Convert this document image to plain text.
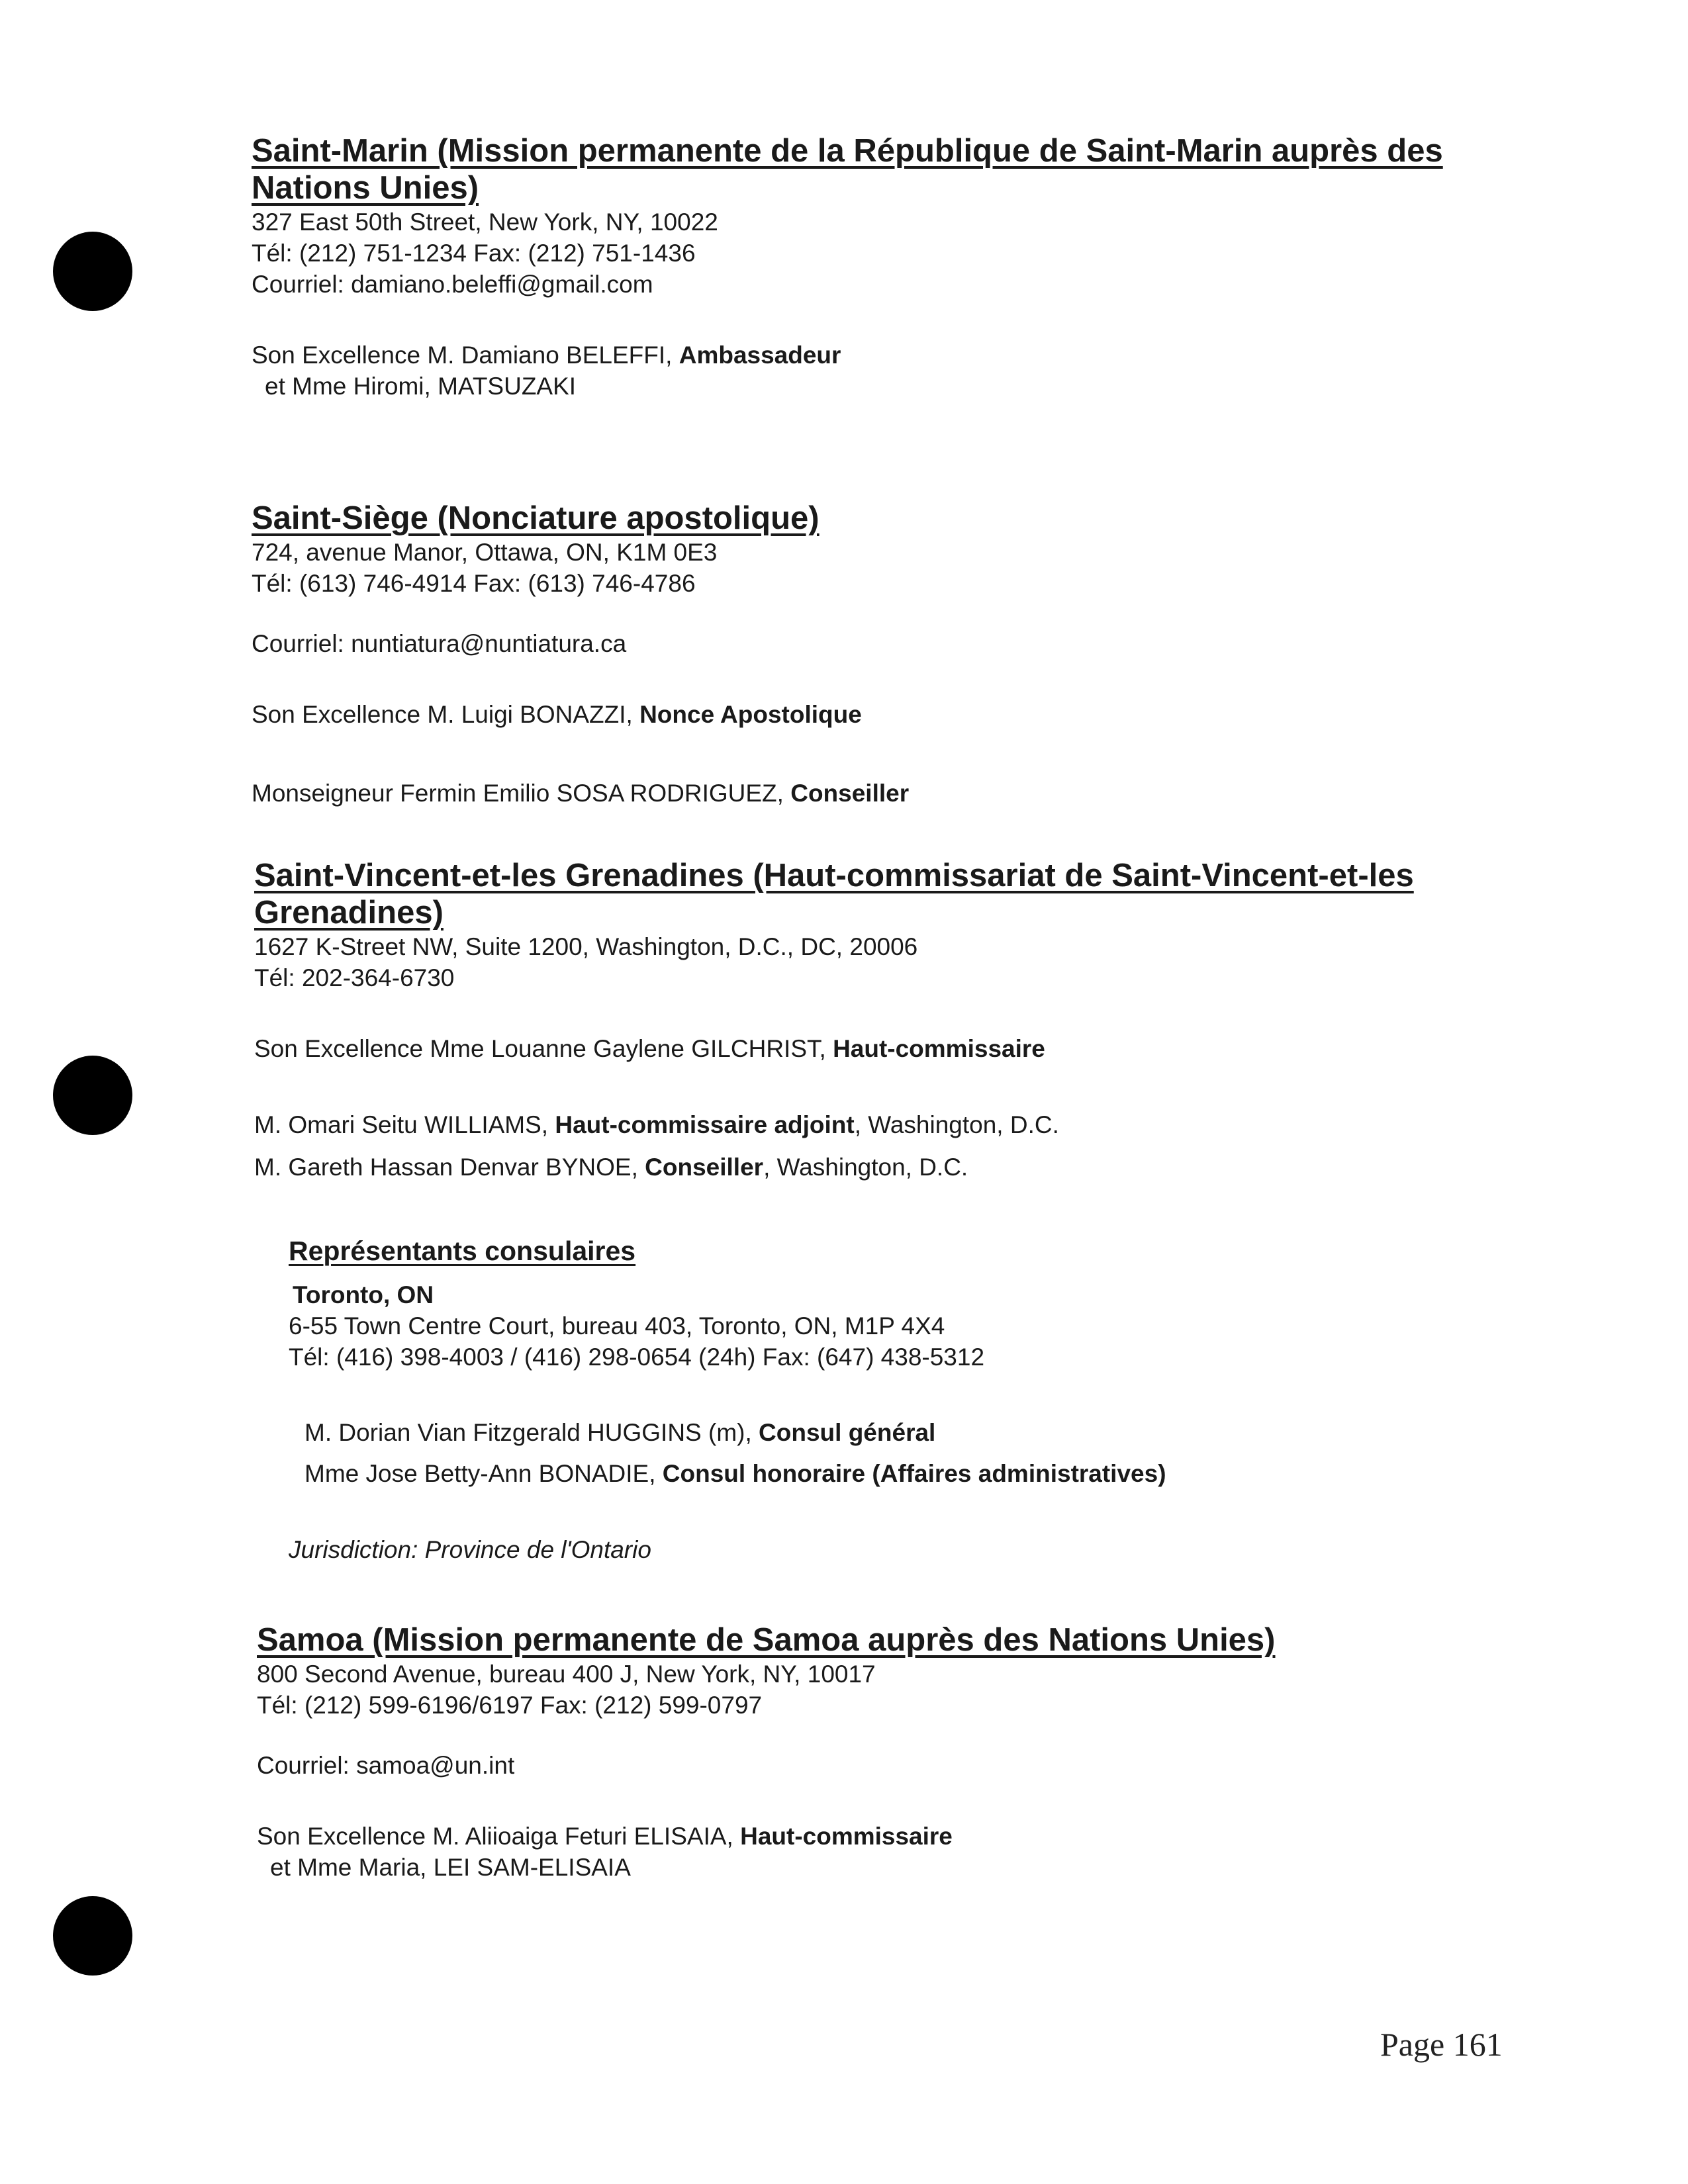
Saint-Marin (Mission permanente de la République de Saint-Marin auprès des
Nations Unies)

327 East 50th Street, New York, NY, 10022

Tél: (212) 751-1234 Fax: (212) 751-1436

Courriel: damiano.beleffi@gmail.com

Son Excellence M. Damiano BELEFFI, Ambassadeur

et Mme Hiromi, MATSUZAKI

Saint-Siège (Nonciature apostolique)

724, avenue Manor, Ottawa, ON, K1M 0E3

Tél: (613) 746-4914 Fax: (613) 746-4786

Courriel: nuntiatura@nuntiatura.ca

Son Excellence M. Luigi BONAZZI, Nonce Apostolique

Monseigneur Fermin Emilio SOSA RODRIGUEZ, Conseiller

Saint-Vincent-et-les Grenadines (Haut-commissariat de Saint-Vincent-et-les
Grenadines)

1627 K-Street NW, Suite 1200, Washington, D.C., DC, 20006

Tél: 202-364-6730

Son Excellence Mme Louanne Gaylene GILCHRIST, Haut-commissaire

M. Omari Seitu WILLIAMS, Haut-commissaire adjoint, Washington, D.C.

M. Gareth Hassan Denvar BYNOE, Conseiller, Washington, D.C.

Représentants consulaires

Toronto, ON

6-55 Town Centre Court, bureau 403, Toronto, ON, M1P 4X4

Tél: (416) 398-4003 / (416) 298-0654 (24h) Fax: (647) 438-5312

M. Dorian Vian Fitzgerald HUGGINS (m), Consul général

Mme Jose Betty-Ann BONADIE, Consul honoraire (Affaires administratives)

Jurisdiction: Province de l'Ontario

Samoa (Mission permanente de Samoa auprès des Nations Unies)

800 Second Avenue, bureau 400 J, New York, NY, 10017

Tél: (212) 599-6196/6197 Fax: (212) 599-0797

Courriel: samoa@un.int

Son Excellence M. Aliioaiga Feturi ELISAIA, Haut-commissaire

et Mme Maria, LEI SAM-ELISAIA

Page 161
